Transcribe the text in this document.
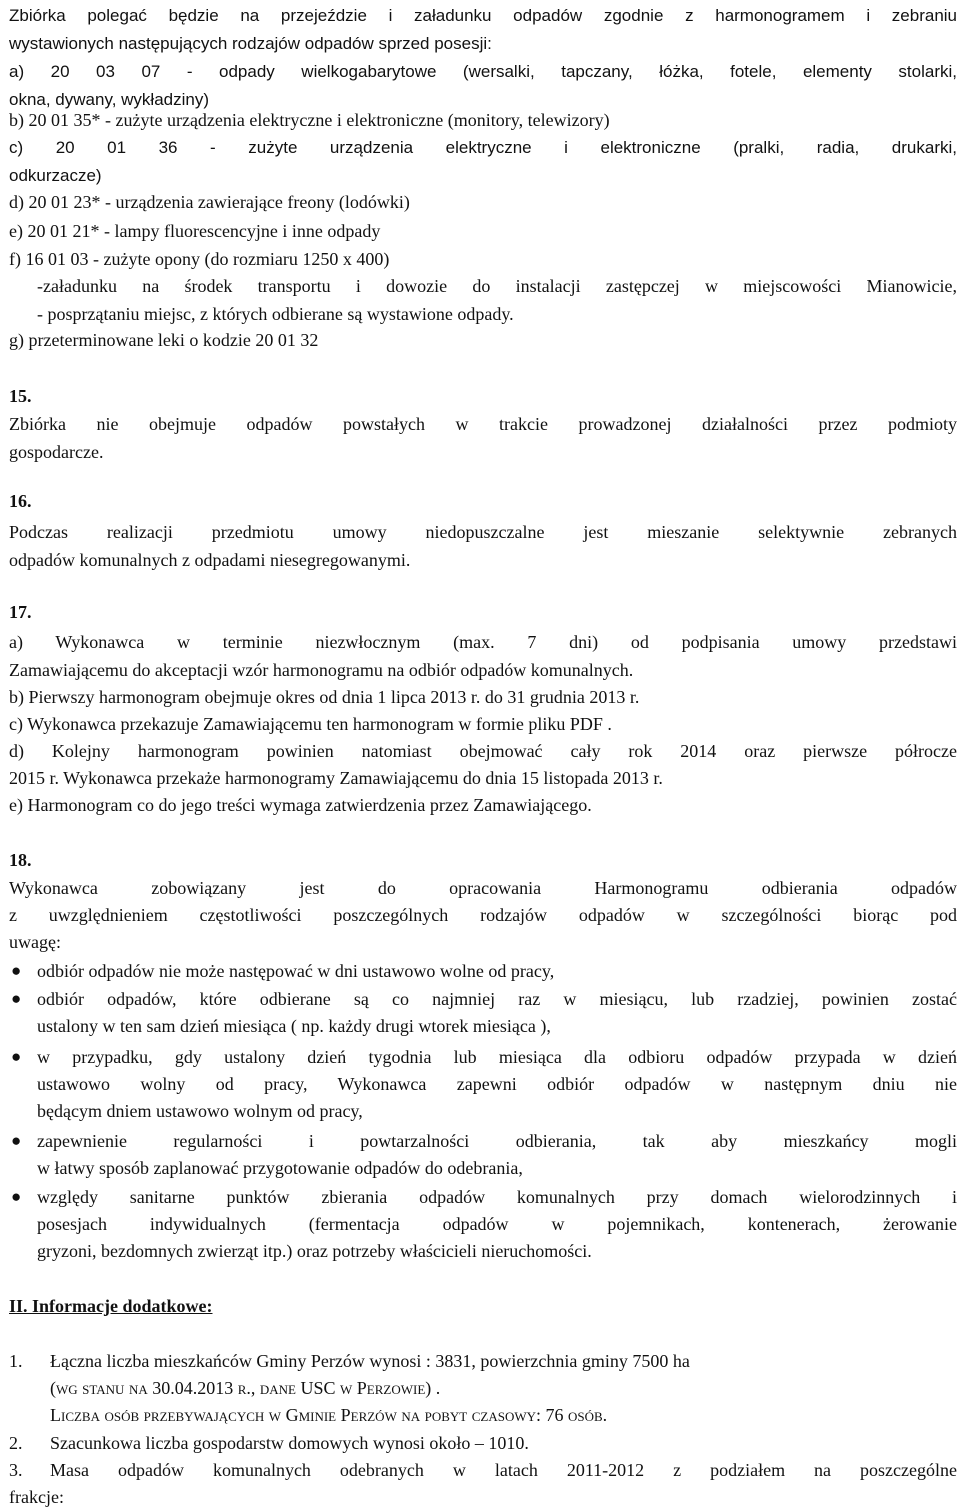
Zbiórka polegać będzie na przejeździe i załadunku odpadów zgodnie z harmonogramem i zebraniu
wystawionych następujących rodzajów odpadów sprzed posesji:
a) 20 03 07 - odpady wielkogabarytowe (wersalki, tapczany, łóżka, fotele, elementy stolarki,
okna, dywany, wykładziny)
b) 20 01 35* - zużyte urządzenia elektryczne i elektroniczne (monitory, telewizory)
c) 20 01 36 - zużyte urządzenia elektryczne i elektroniczne (pralki, radia, drukarki,
odkurzacze)
d) 20 01 23* - urządzenia zawierające freony (lodówki)
e) 20 01 21* - lampy fluorescencyjne i inne odpady
f) 16 01 03 - zużyte opony (do rozmiaru 1250 x 400)
-załadunku na środek transportu i dowozie do instalacji zastępczej w miejscowości Mianowicie,
- posprzątaniu miejsc, z których odbierane są wystawione odpady.
g) przeterminowane leki o kodzie 20 01 32
15.
Zbiórka nie obejmuje odpadów powstałych w trakcie prowadzonej działalności przez podmioty
gospodarcze.
16.
Podczas realizacji przedmiotu umowy niedopuszczalne jest mieszanie selektywnie zebranych
odpadów komunalnych z odpadami niesegregowanymi.
17.
a) Wykonawca w terminie niezwłocznym (max. 7 dni) od podpisania umowy przedstawi
Zamawiającemu do akceptacji wzór harmonogramu na odbiór odpadów komunalnych.
b) Pierwszy harmonogram obejmuje okres od dnia 1 lipca 2013 r. do 31 grudnia 2013 r.
c) Wykonawca przekazuje Zamawiającemu ten harmonogram w formie pliku PDF .
d) Kolejny harmonogram powinien natomiast obejmować cały rok 2014 oraz pierwsze półrocze
2015 r. Wykonawca przekaże harmonogramy Zamawiającemu do dnia 15 listopada 2013 r.
e) Harmonogram co do jego treści wymaga zatwierdzenia przez Zamawiającego.
18.
Wykonawca zobowiązany jest do opracowania Harmonogramu odbierania odpadów
z uwzględnieniem częstotliwości poszczególnych rodzajów odpadów w szczególności biorąc pod
uwagę:
● odbiór odpadów nie może następować w dni ustawowo wolne od pracy,
● odbiór odpadów, które odbierane są co najmniej raz w miesiącu, lub rzadziej, powinien zostać
ustalony w ten sam dzień miesiąca ( np. każdy drugi wtorek miesiąca ),
● w przypadku, gdy ustalony dzień tygodnia lub miesiąca dla odbioru odpadów przypada w dzień
ustawowo wolny od pracy, Wykonawca zapewni odbiór odpadów w następnym dniu nie
będącym dniem ustawowo wolnym od pracy,
● zapewnienie regularności i powtarzalności odbierania, tak aby mieszkańcy mogli
w łatwy sposób zaplanować przygotowanie odpadów do odebrania,
● względy sanitarne punktów zbierania odpadów komunalnych przy domach wielorodzinnych i
posesjach indywidualnych (fermentacja odpadów w pojemnikach, kontenerach, żerowanie
gryzoni, bezdomnych zwierząt itp.) oraz potrzeby właścicieli nieruchomości.
II. Informacje dodatkowe:
1.	Łączna liczba mieszkańców Gminy Perzów wynosi : 3831, powierzchnia gminy 7500 ha
(wg stanu na 30.04.2013 r., dane USC w Perzowie) .
Liczba osób przebywających w Gminie Perzów na pobyt czasowy: 76 osób.
2.	Szacunkowa liczba gospodarstw domowych wynosi około – 1010.
3.	Masa odpadów komunalnych odebranych w latach 2011-2012 z podziałem na poszczególne
frakcje:
